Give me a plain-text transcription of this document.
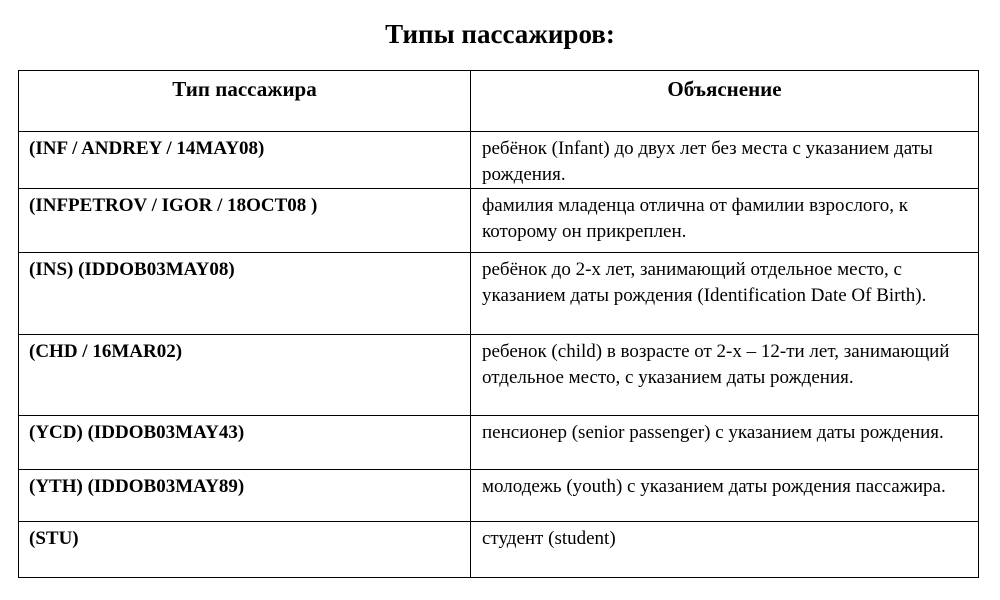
Типы пассажиров:
Тип пассажира	Объяснение
(INF / ANDREY / 14MAY08)	ребёнок (Infant) до двух лет без места с указанием даты рождения.
(INFPETROV / IGOR / 18OCT08 )	фамилия младенца отлична от фамилии взрослого, к которому он прикреплен.
(INS) (IDDOB03MAY08)	ребёнок до 2-х лет, занимающий отдельное место, с указанием даты рождения (Identification Date Of Birth).
(CHD / 16MAR02)	ребенок (child) в возрасте от 2-х – 12-ти лет, занимающий отдельное место, с указанием даты рождения.
(YCD) (IDDOB03MAY43)	пенсионер (senior passenger) с указанием даты рождения.
(YTH) (IDDOB03MAY89)	молодежь (youth) с указанием даты рождения пассажира.
(STU)	студент (student)
